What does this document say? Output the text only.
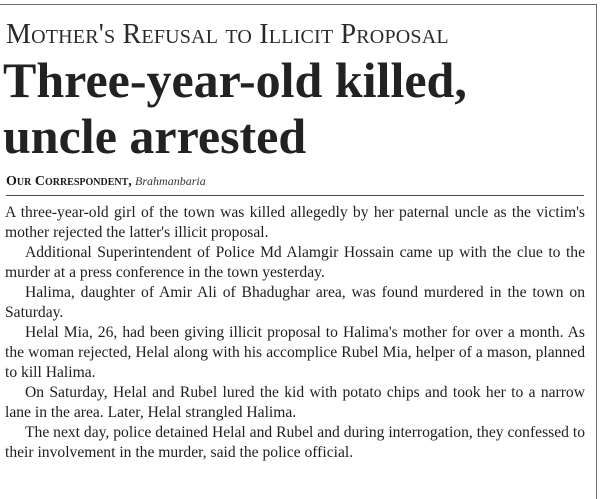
Mother's Refusal to Illicit Proposal
Three-year-old killed, uncle arrested
Our Correspondent, Brahmanbaria

A three-year-old girl of the town was killed allegedly by her paternal uncle as the victim's mother rejected the latter's illicit proposal.

Additional Superintendent of Police Md Alamgir Hossain came up with the clue to the murder at a press conference in the town yesterday.

Halima, daughter of Amir Ali of Bhadughar area, was found murdered in the town on Saturday.

Helal Mia, 26, had been giving illicit proposal to Halima's mother for over a month. As the woman rejected, Helal along with his accomplice Rubel Mia, helper of a mason, planned to kill Halima.

On Saturday, Helal and Rubel lured the kid with potato chips and took her to a narrow lane in the area. Later, Helal strangled Halima.

The next day, police detained Helal and Rubel and during interrogation, they confessed to their involvement in the murder, said the police official.
